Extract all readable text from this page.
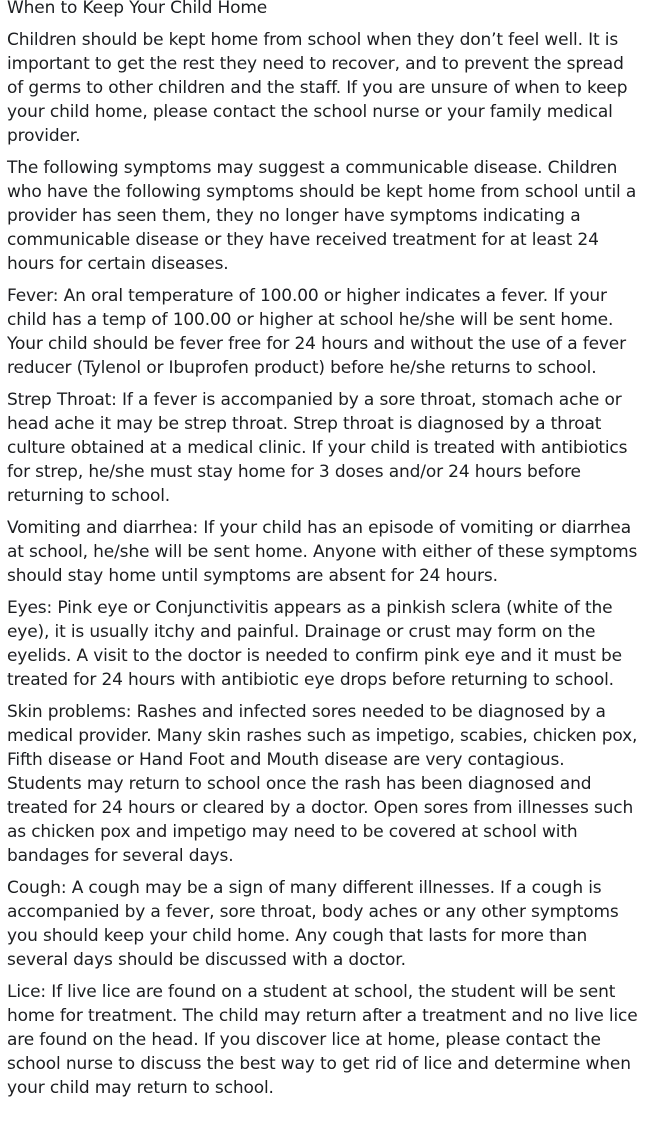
When to Keep Your Child Home

Children should be kept home from school when they don’t feel well. It is important to get the rest they need to recover, and to prevent the spread of germs to other children and the staff. If you are unsure of when to keep your child home, please contact the school nurse or your family medical provider.

The following symptoms may suggest a communicable disease. Children who have the following symptoms should be kept home from school until a provider has seen them, they no longer have symptoms indicating a communicable disease or they have received treatment for at least 24 hours for certain diseases.

Fever: An oral temperature of 100.00 or higher indicates a fever. If your child has a temp of 100.00 or higher at school he/she will be sent home. Your child should be fever free for 24 hours and without the use of a fever reducer (Tylenol or Ibuprofen product) before he/she returns to school.

Strep Throat: If a fever is accompanied by a sore throat, stomach ache or head ache it may be strep throat. Strep throat is diagnosed by a throat culture obtained at a medical clinic. If your child is treated with antibiotics for strep, he/she must stay home for 3 doses and/or 24 hours before returning to school.

Vomiting and diarrhea: If your child has an episode of vomiting or diarrhea at school, he/she will be sent home. Anyone with either of these symptoms should stay home until symptoms are absent for 24 hours.

Eyes: Pink eye or Conjunctivitis appears as a pinkish sclera (white of the eye), it is usually itchy and painful. Drainage or crust may form on the eyelids. A visit to the doctor is needed to confirm pink eye and it must be treated for 24 hours with antibiotic eye drops before returning to school.

Skin problems: Rashes and infected sores needed to be diagnosed by a medical provider. Many skin rashes such as impetigo, scabies, chicken pox, Fifth disease or Hand Foot and Mouth disease are very contagious. Students may return to school once the rash has been diagnosed and treated for 24 hours or cleared by a doctor. Open sores from illnesses such as chicken pox and impetigo may need to be covered at school with bandages for several days.

Cough: A cough may be a sign of many different illnesses. If a cough is accompanied by a fever, sore throat, body aches or any other symptoms you should keep your child home. Any cough that lasts for more than several days should be discussed with a doctor.

Lice: If live lice are found on a student at school, the student will be sent home for treatment. The child may return after a treatment and no live lice are found on the head. If you discover lice at home, please contact the school nurse to discuss the best way to get rid of lice and determine when your child may return to school.
